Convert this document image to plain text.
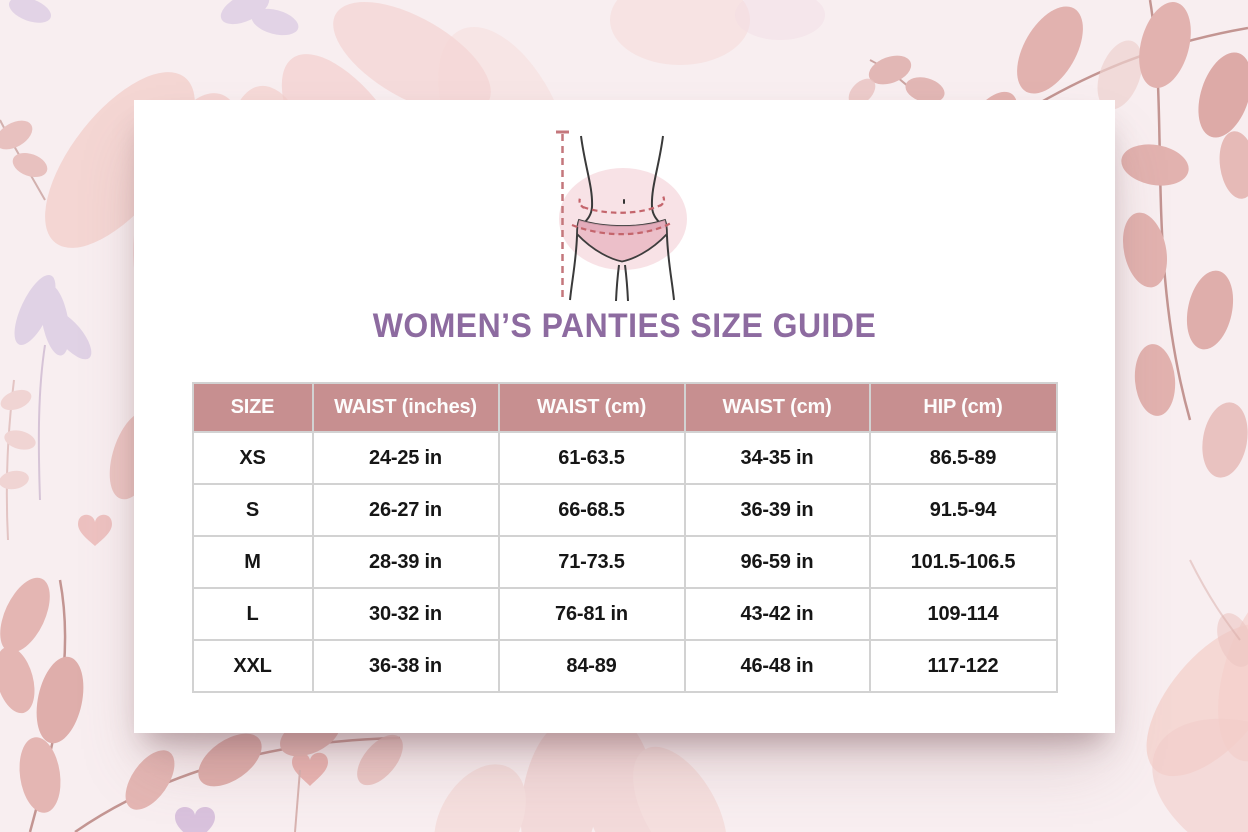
WOMEN’S PANTIES SIZE GUIDE
SIZE	WAIST (inches)	WAIST (cm)	WAIST (cm)	HIP (cm)
XS	24-25 in	61-63.5	34-35 in	86.5-89
S	26-27 in	66-68.5	36-39 in	91.5-94
M	28-39 in	71-73.5	96-59 in	101.5-106.5
L	30-32 in	76-81 in	43-42 in	109-114
XXL	36-38 in	84-89	46-48 in	117-122
